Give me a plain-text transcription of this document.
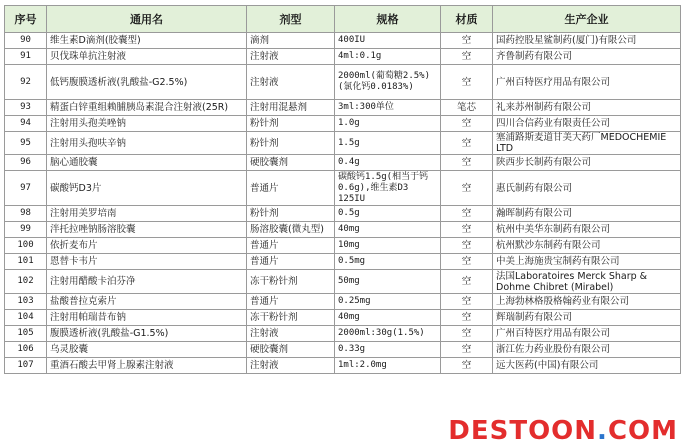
序号	通用名	剂型	规格	材质	生产企业
90	维生素D滴剂(胶囊型)	滴剂	400IU	空	国药控股星鲨制药(厦门)有限公司
91	贝伐珠单抗注射液	注射液	4ml:0.1g	空	齐鲁制药有限公司
92	低钙腹膜透析液(乳酸盐-G2.5%)	注射液	2000ml(葡萄糖2.5%)(氯化钙0.0183%)	空	广州百特医疗用品有限公司
93	精蛋白锌重组赖脯胰岛素混合注射液(25R)	注射用混悬剂	3ml:300单位	笔芯	礼来苏州制药有限公司
94	注射用头孢美唑钠	粉针剂	1.0g	空	四川合信药业有限责任公司
95	注射用头孢呋辛钠	粉针剂	1.5g	空	塞浦路斯麦道甘美大药厂MEDOCHEMIE LTD
96	脑心通胶囊	硬胶囊剂	0.4g	空	陕西步长制药有限公司
97	碳酸钙D3片	普通片	碳酸钙1.5g(相当于钙0.6g),维生素D3 125IU	空	惠氏制药有限公司
98	注射用美罗培南	粉针剂	0.5g	空	瀚晖制药有限公司
99	泮托拉唑钠肠溶胶囊	肠溶胶囊(微丸型)	40mg	空	杭州中美华东制药有限公司
100	依折麦布片	普通片	10mg	空	杭州默沙东制药有限公司
101	恩替卡韦片	普通片	0.5mg	空	中美上海施贵宝制药有限公司
102	注射用醋酸卡泊芬净	冻干粉针剂	50mg	空	法国Laboratoires Merck Sharp & Dohme Chibret (Mirabel)
103	盐酸普拉克索片	普通片	0.25mg	空	上海勃林格殷格翰药业有限公司
104	注射用帕瑞昔布钠	冻干粉针剂	40mg	空	辉瑞制药有限公司
105	腹膜透析液(乳酸盐-G1.5%)	注射液	2000ml:30g(1.5%)	空	广州百特医疗用品有限公司
106	乌灵胶囊	硬胶囊剂	0.33g	空	浙江佐力药业股份有限公司
107	重酒石酸去甲肾上腺素注射液	注射液	1ml:2.0mg	空	远大医药(中国)有限公司
DESTOON.COM
